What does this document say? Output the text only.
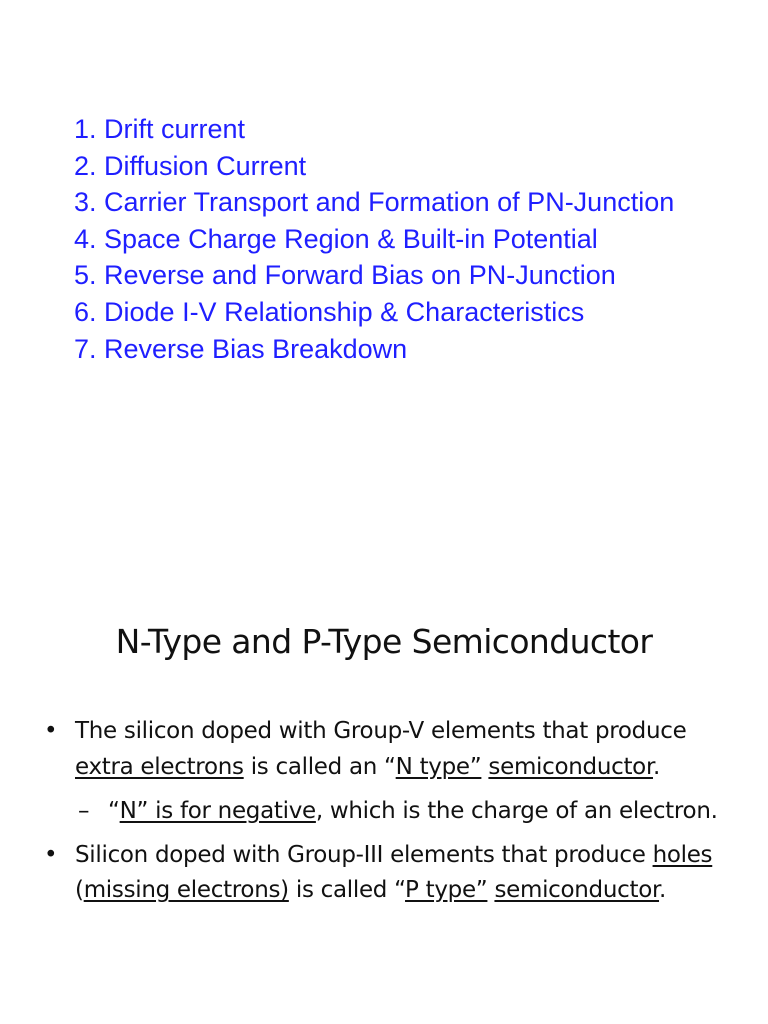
1. Drift current
2. Diffusion Current
3. Carrier Transport and Formation of PN-Junction
4. Space Charge Region & Built-in Potential
5. Reverse and Forward Bias on PN-Junction
6. Diode I-V Relationship & Characteristics
7. Reverse Bias Breakdown
N-Type and P-Type Semiconductor
• The silicon doped with Group-V elements that produce extra electrons is called an “N type” semiconductor.
– “N” is for negative, which is the charge of an electron.
• Silicon doped with Group-III elements that produce holes (missing electrons) is called “P type” semiconductor.
